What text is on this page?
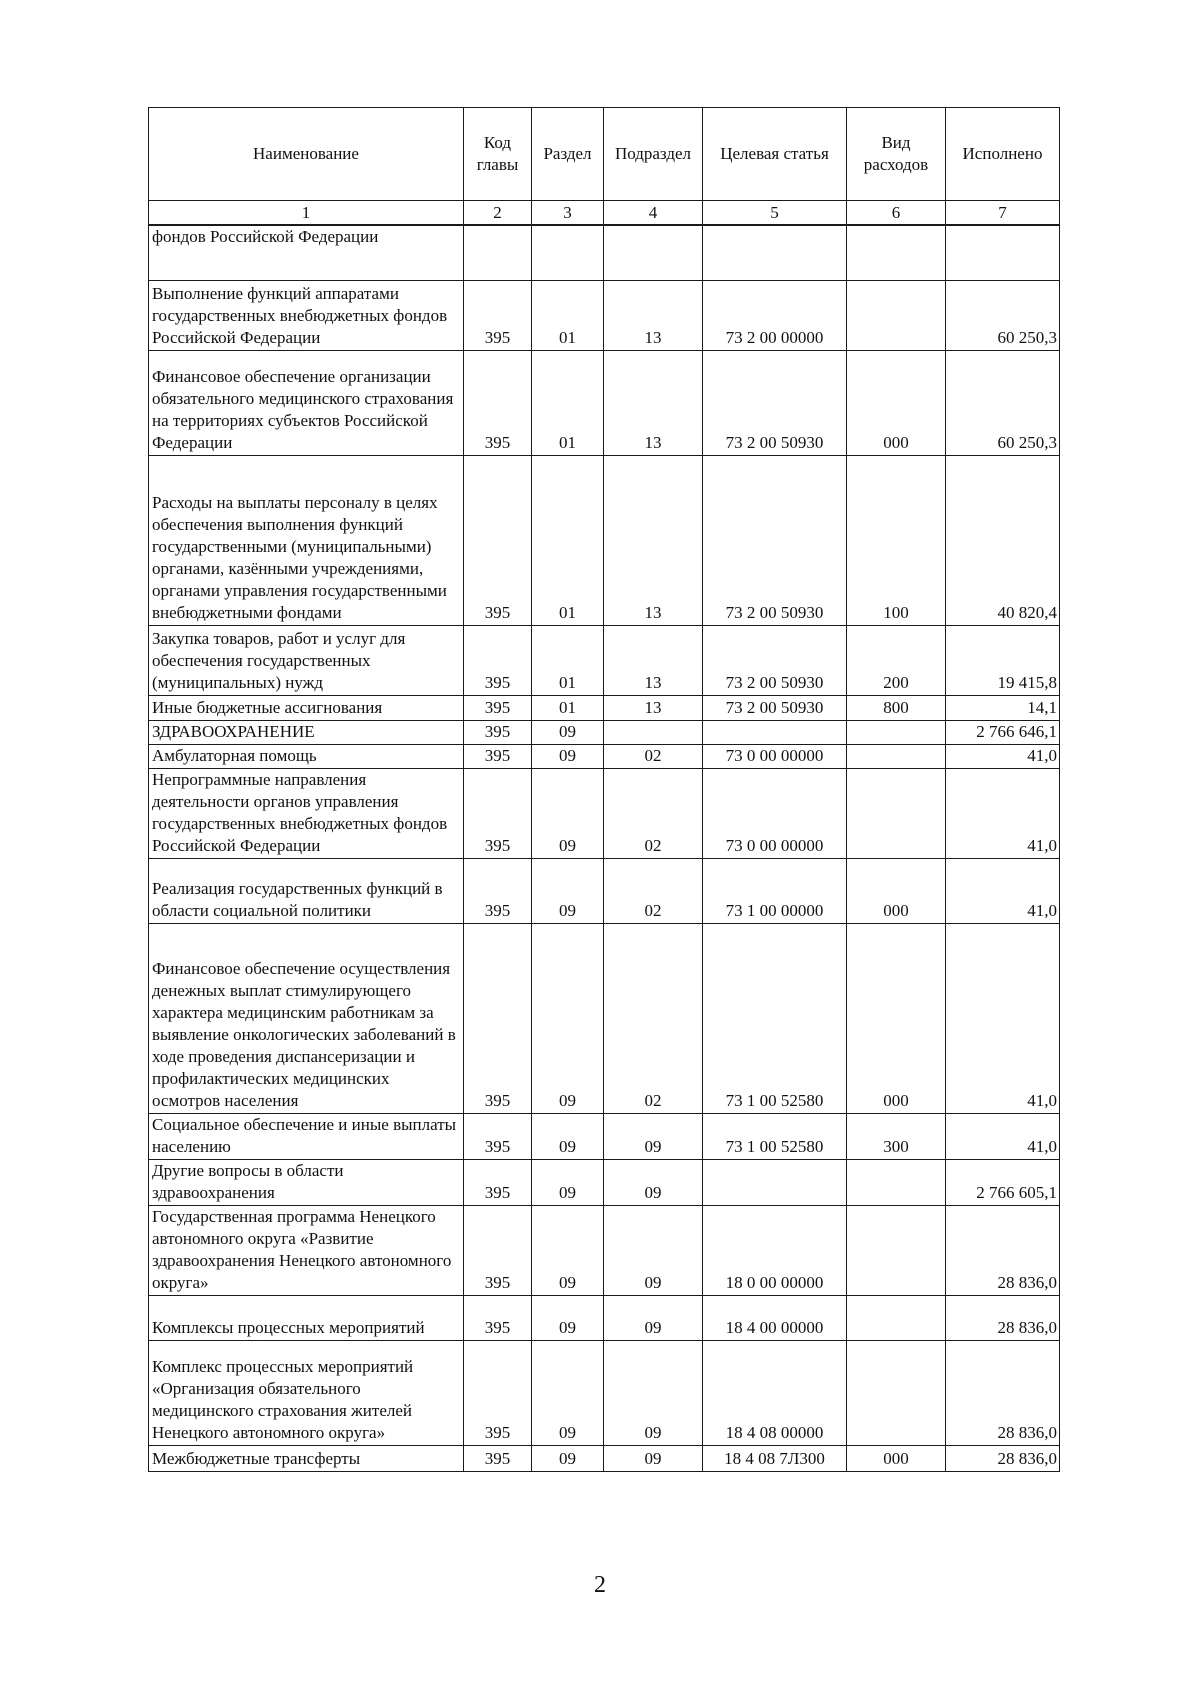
Наименование	Код главы	Раздел	Подраздел	Целевая статья	Вид расходов	Исполнено
1	2	3	4	5	6	7
фондов Российской Федерации						
Выполнение функций аппаратами государственных внебюджетных фондов Российской Федерации	395	01	13	73 2 00 00000		60 250,3
Финансовое обеспечение организации обязательного медицинского страхования на территориях субъектов Российской Федерации	395	01	13	73 2 00 50930	000	60 250,3
Расходы на выплаты персоналу в целях обеспечения выполнения функций государственными (муниципальными) органами, казёнными учреждениями, органами управления государственными внебюджетными фондами	395	01	13	73 2 00 50930	100	40 820,4
Закупка товаров, работ и услуг для обеспечения государственных (муниципальных) нужд	395	01	13	73 2 00 50930	200	19 415,8
Иные бюджетные ассигнования	395	01	13	73 2 00 50930	800	14,1
ЗДРАВООХРАНЕНИЕ	395	09				2 766 646,1
Амбулаторная помощь	395	09	02	73 0 00 00000		41,0
Непрограммные направления деятельности органов управления государственных внебюджетных фондов Российской Федерации	395	09	02	73 0 00 00000		41,0
Реализация государственных функций в области социальной политики	395	09	02	73 1 00 00000	000	41,0
Финансовое обеспечение осуществления денежных выплат стимулирующего характера медицинским работникам за выявление онкологических заболеваний в ходе проведения диспансеризации и профилактических медицинских осмотров населения	395	09	02	73 1 00 52580	000	41,0
Социальное обеспечение и иные выплаты населению	395	09	09	73 1 00 52580	300	41,0
Другие вопросы в области здравоохранения	395	09	09			2 766 605,1
Государственная программа Ненецкого автономного округа «Развитие здравоохранения Ненецкого автономного округа»	395	09	09	18 0 00 00000		28 836,0
Комплексы процессных мероприятий	395	09	09	18 4 00 00000		28 836,0
Комплекс процессных мероприятий «Организация обязательного медицинского страхования жителей Ненецкого автономного округа»	395	09	09	18 4 08 00000		28 836,0
Межбюджетные трансферты	395	09	09	18 4 08 7Л300	000	28 836,0
2
